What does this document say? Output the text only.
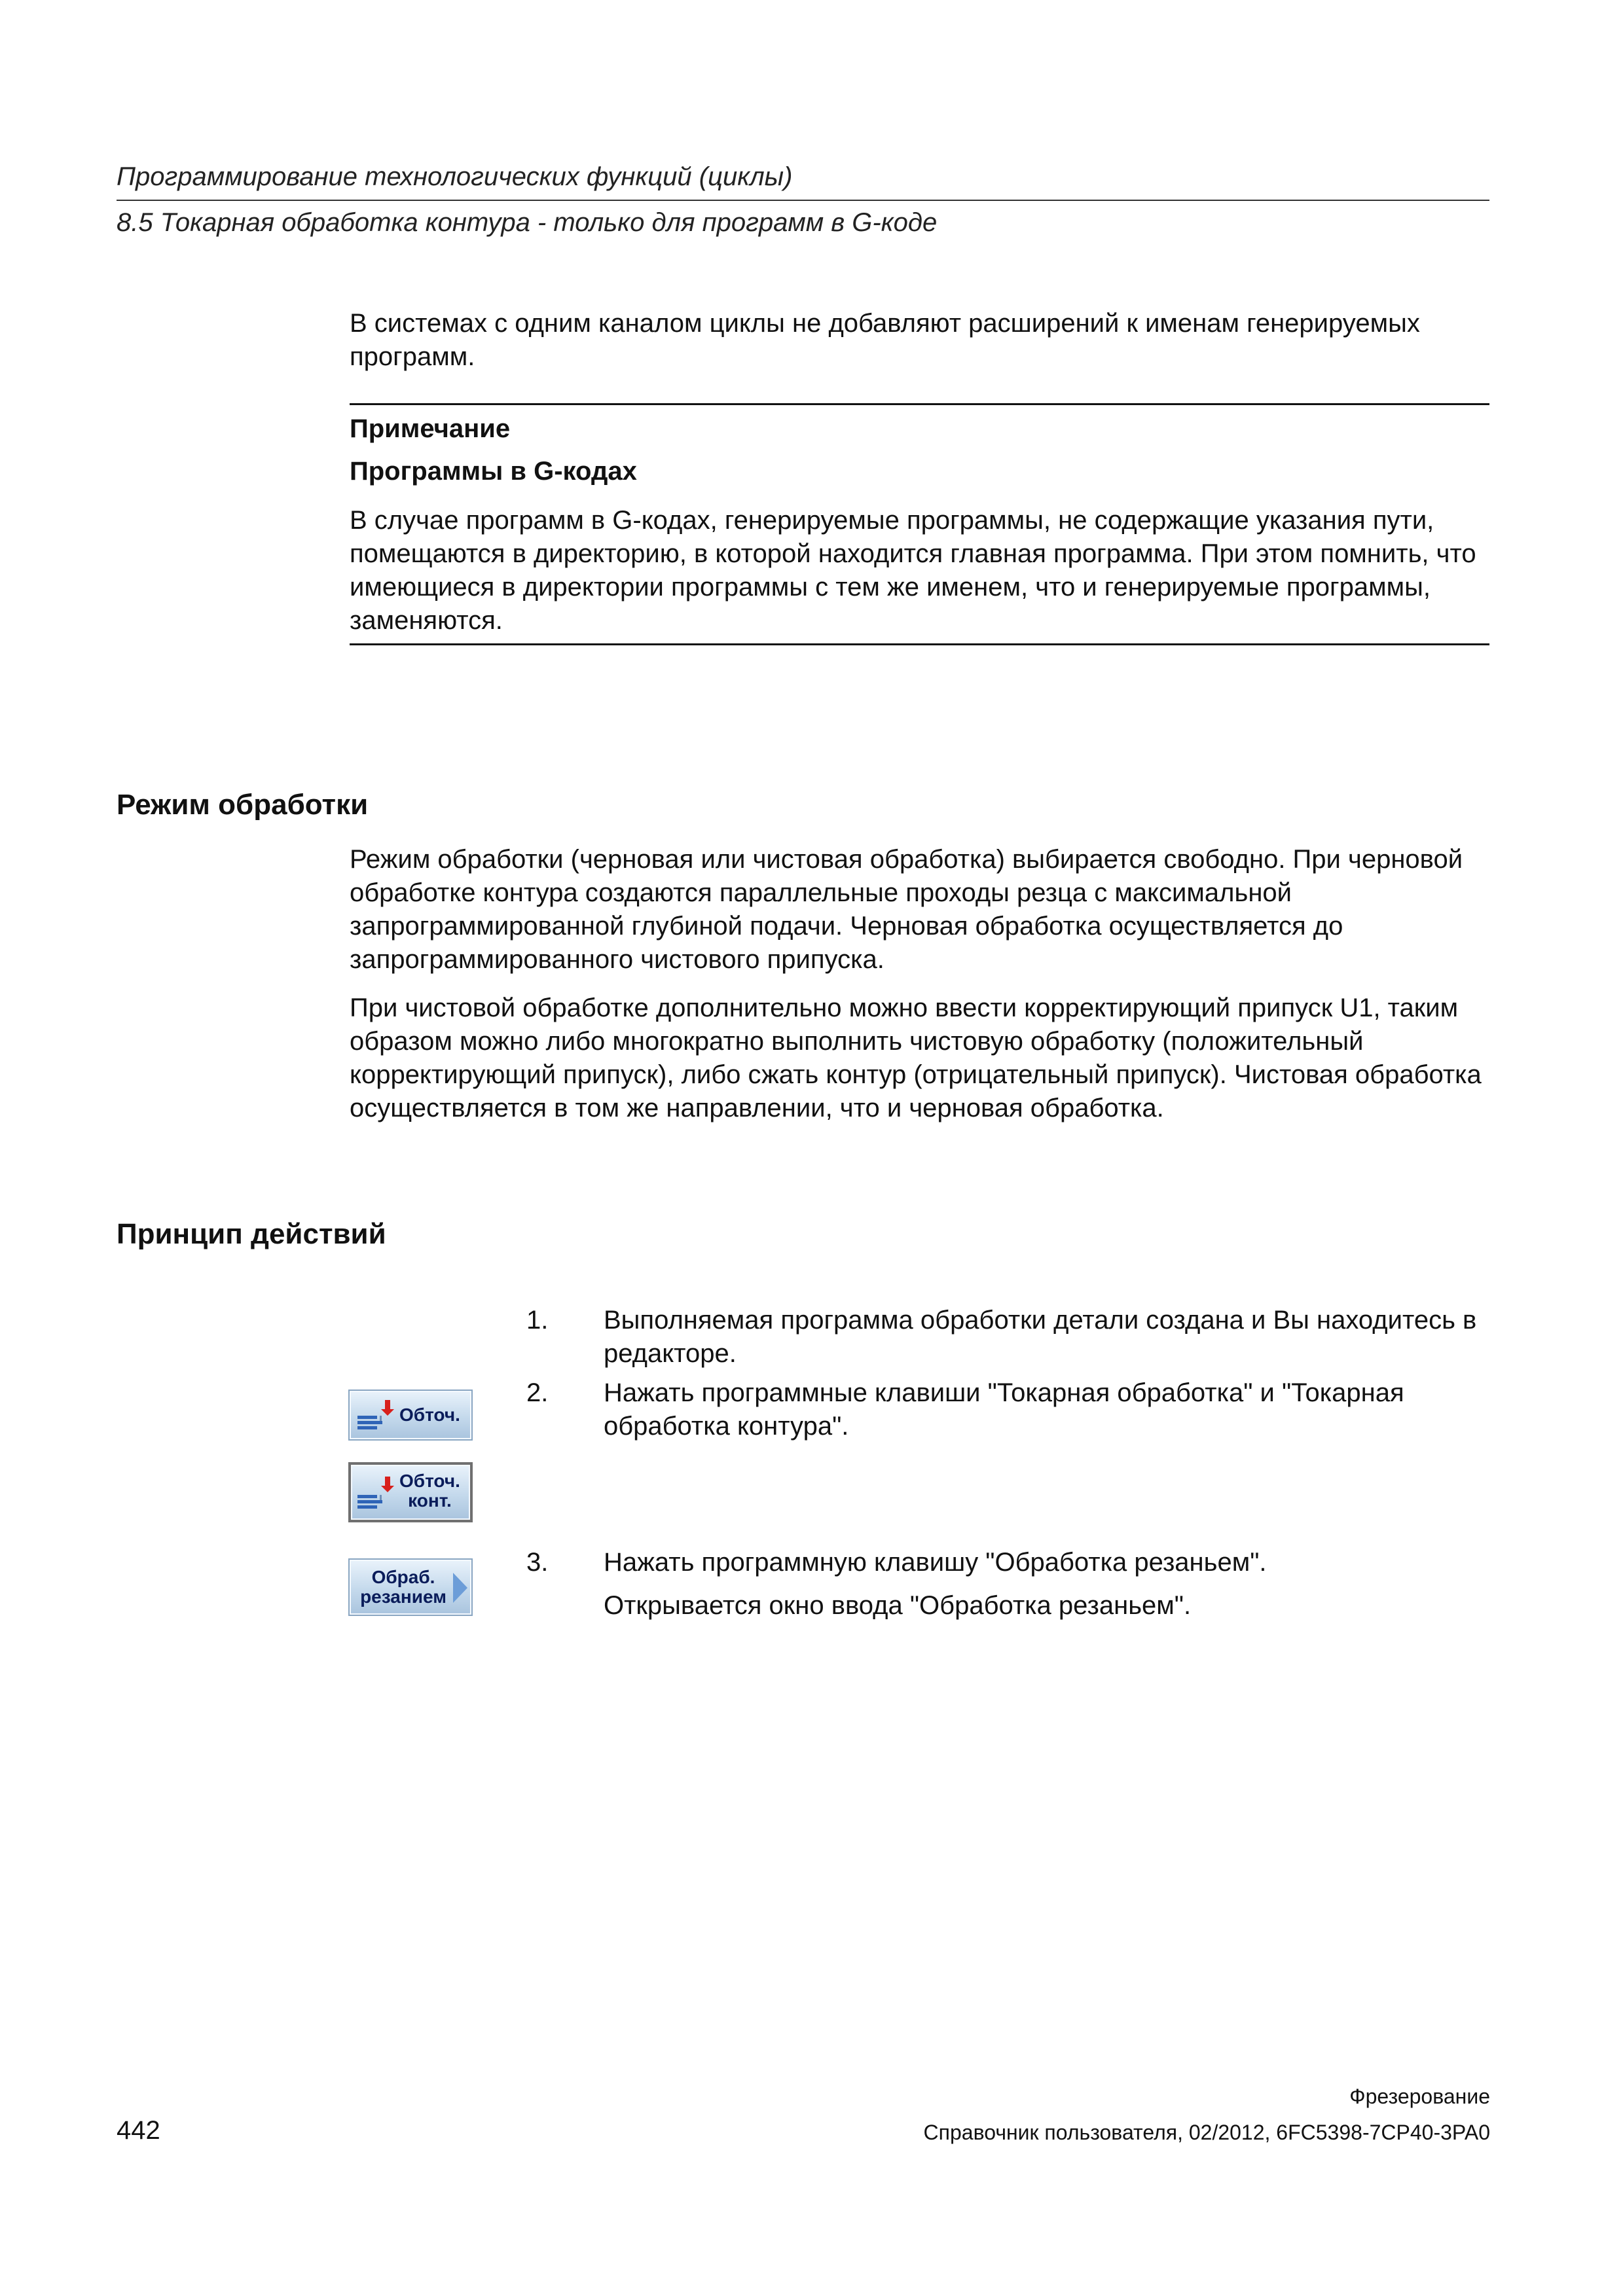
Программирование технологических функций (циклы)
8.5 Токарная обработка контура - только для программ в G-коде
В системах с одним каналом циклы не добавляют расширений к именам генерируемых программ.
Примечание
Программы в G-кодах
В случае программ в G-кодах, генерируемые программы, не содержащие указания пути, помещаются в директорию, в которой находится главная программа. При этом помнить, что имеющиеся в директории программы с тем же именем, что и генерируемые программы, заменяются.
Режим обработки
Режим обработки (черновая или чистовая обработка) выбирается свободно. При черновой обработке контура создаются параллельные проходы резца с максимальной запрограммированной глубиной подачи. Черновая обработка осуществляется до запрограммированного чистового припуска.
При чистовой обработке дополнительно можно ввести корректирующий припуск U1, таким образом можно либо многократно выполнить чистовую обработку (положительный корректирующий припуск), либо сжать контур (отрицательный припуск). Чистовая обработка осуществляется в том же направлении, что и черновая обработка.
Принцип действий
1. Выполняемая программа обработки детали создана и Вы находитесь в редакторе.
2. Нажать программные клавиши "Токарная обработка" и "Токарная обработка контура".
3. Нажать программную клавишу "Обработка резаньем".
Открывается окно ввода "Обработка резаньем".
Обточ.
Обточ.
конт.
Обраб.
резанием
Фрезерование
442	Справочник пользователя, 02/2012, 6FC5398-7CP40-3PA0
